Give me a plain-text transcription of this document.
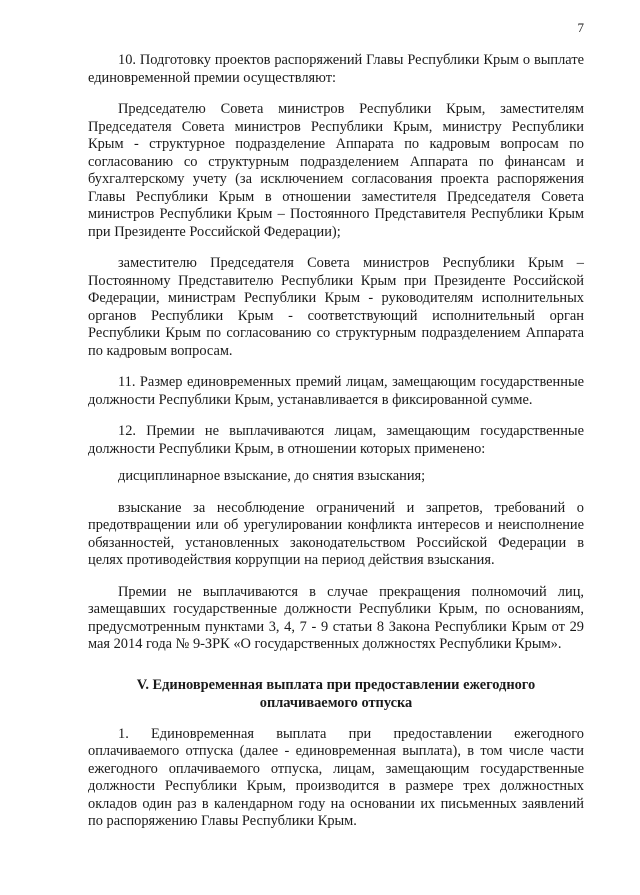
7

10. Подготовку проектов распоряжений Главы Республики Крым о выплате единовременной премии осуществляют:

Председателю Совета министров Республики Крым, заместителям Председателя Совета министров Республики Крым, министру Республики Крым - структурное подразделение Аппарата по кадровым вопросам по согласованию со структурным подразделением Аппарата по финансам и бухгалтерскому учету (за исключением согласования проекта распоряжения Главы Республики Крым в отношении заместителя Председателя Совета министров Республики Крым – Постоянного Представителя Республики Крым при Президенте Российской Федерации);

заместителю Председателя Совета министров Республики Крым – Постоянному Представителю Республики Крым при Президенте Российской Федерации, министрам Республики Крым - руководителям исполнительных органов Республики Крым - соответствующий исполнительный орган Республики Крым по согласованию со структурным подразделением Аппарата по кадровым вопросам.

11. Размер единовременных премий лицам, замещающим государственные должности Республики Крым, устанавливается в фиксированной сумме.

12. Премии не выплачиваются лицам, замещающим государственные должности Республики Крым, в отношении которых применено:

дисциплинарное взыскание, до снятия взыскания;

взыскание за несоблюдение ограничений и запретов, требований о предотвращении или об урегулировании конфликта интересов и неисполнение обязанностей, установленных законодательством Российской Федерации в целях противодействия коррупции на период действия взыскания.

Премии не выплачиваются в случае прекращения полномочий лиц, замещавших государственные должности Республики Крым, по основаниям, предусмотренным пунктами 3, 4, 7 - 9 статьи 8 Закона Республики Крым от 29 мая 2014 года № 9-ЗРК «О государственных должностях Республики Крым».

V. Единовременная выплата при предоставлении ежегодного
оплачиваемого отпуска

1. Единовременная выплата при предоставлении ежегодного оплачиваемого отпуска (далее - единовременная выплата), в том числе части ежегодного оплачиваемого отпуска, лицам, замещающим государственные должности Республики Крым, производится в размере трех должностных окладов один раз в календарном году на основании их письменных заявлений по распоряжению Главы Республики Крым.
